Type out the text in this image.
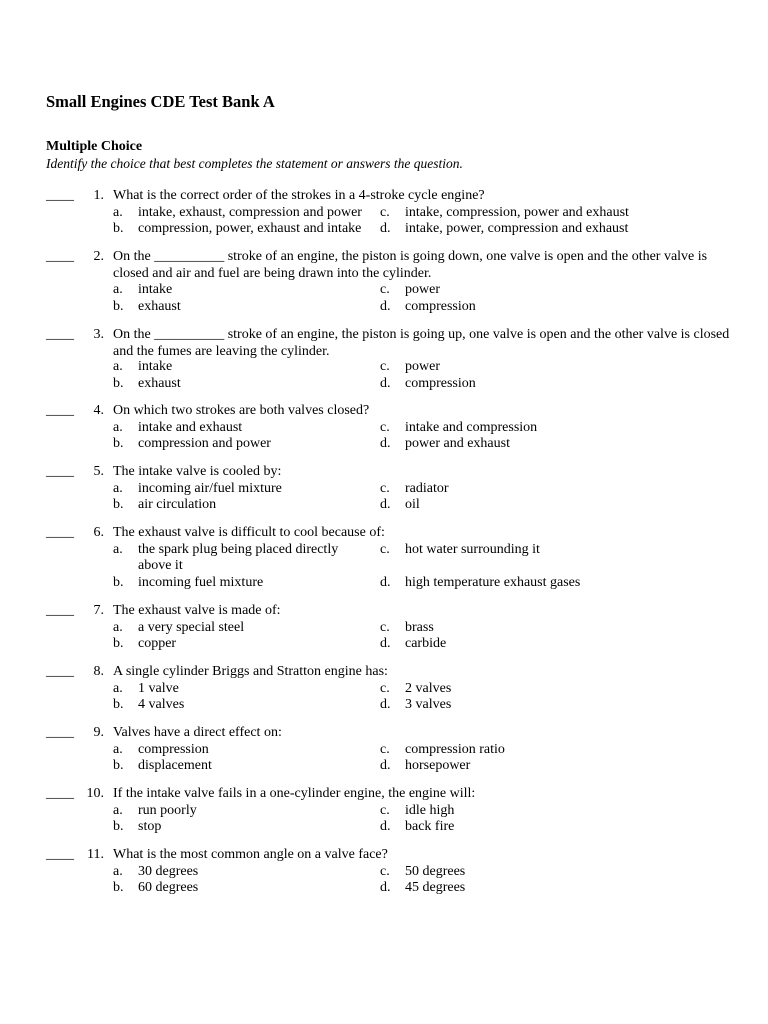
Small Engines CDE Test Bank A
Multiple Choice
Identify the choice that best completes the statement or answers the question.
____	1. What is the correct order of the strokes in a 4-stroke cycle engine?
a.	intake, exhaust, compression and power
b.	compression, power, exhaust and intake
c.	intake, compression, power and exhaust
d.	intake, power, compression and exhaust
____	2. On the __________ stroke of an engine, the piston is going down, one valve is open and the other valve is closed and air and fuel are being drawn into the cylinder.
a.	intake
b.	exhaust
c.	power
d.	compression
____	3. On the __________ stroke of an engine, the piston is going up, one valve is open and the other valve is closed and the fumes are leaving the cylinder.
a.	intake
b.	exhaust
c.	power
d.	compression
____	4. On which two strokes are both valves closed?
a.	intake and exhaust
b.	compression and power
c.	intake and compression
d.	power and exhaust
____	5. The intake valve is cooled by:
a.	incoming air/fuel mixture
b.	air circulation
c.	radiator
d.	oil
____	6. The exhaust valve is difficult to cool because of:
a.	the spark plug being placed directly above it
b.	incoming fuel mixture
c.	hot water surrounding it
d.	high temperature exhaust gases
____	7. The exhaust valve is made of:
a.	a very special steel
b.	copper
c.	brass
d.	carbide
____	8. A single cylinder Briggs and Stratton engine has:
a.	1 valve
b.	4 valves
c.	2 valves
d.	3 valves
____	9. Valves have a direct effect on:
a.	compression
b.	displacement
c.	compression ratio
d.	horsepower
____ 10. If the intake valve fails in a one-cylinder engine, the engine will:
a.	run poorly
b.	stop
c.	idle high
d.	back fire
____ 11. What is the most common angle on a valve face?
a.	30 degrees
b.	60 degrees
c.	50 degrees
d.	45 degrees
